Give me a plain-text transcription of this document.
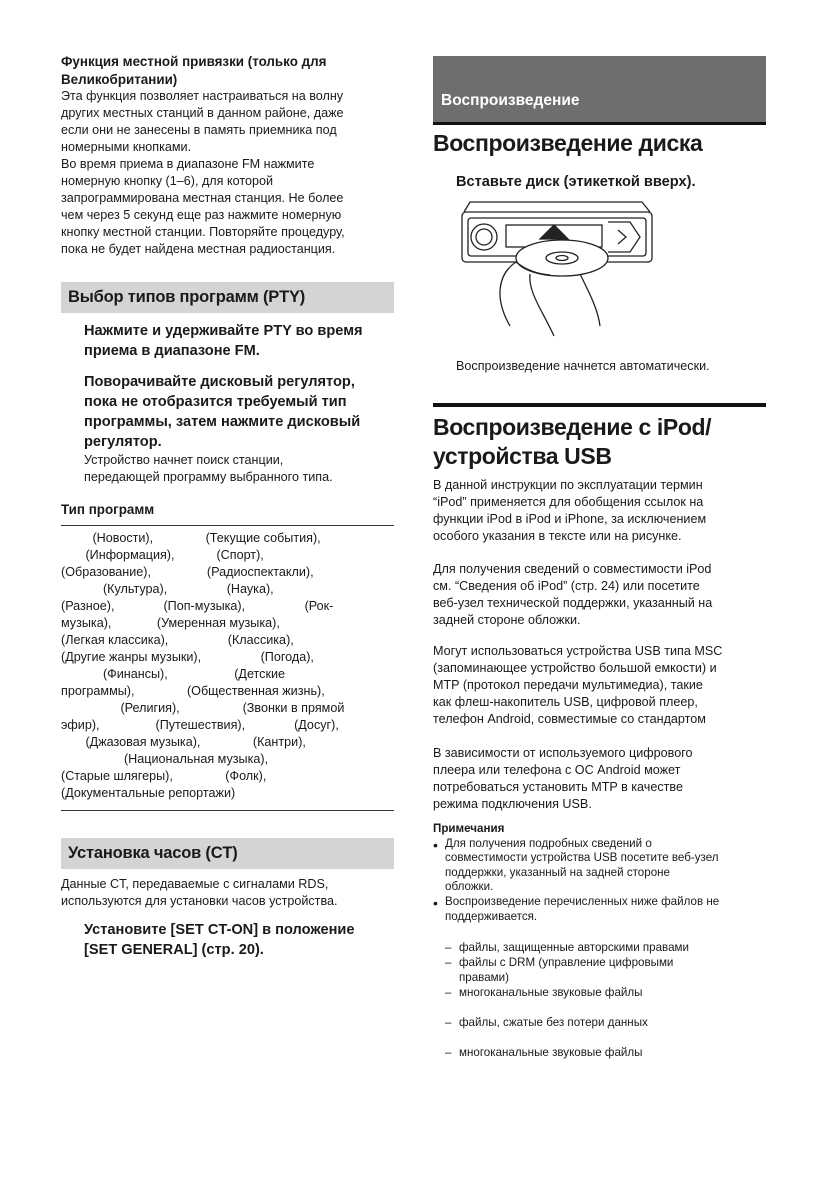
Функция местной привязки (только для

Великобритании)

Эта функция позволяет настраиваться на волну

других местных станций в данном районе, даже

если они не занесены в память приемника под

номерными кнопками.

Во время приема в диапазоне FM нажмите

номерную кнопку (1–6), для которой

запрограммирована местная станция. Не более

чем через 5 секунд еще раз нажмите номерную

кнопку местной станции. Повторяйте процедуру,

пока не будет найдена местная радиостанция.

Выбор типов программ (PTY)

Нажмите и удерживайте PTY во время

приема в диапазоне FM.

Поворачивайте дисковый регулятор,

пока не отобразится требуемый тип

программы, затем нажмите дисковый

регулятор.

Устройство начнет поиск станции,

передающей программу выбранного типа.

Тип программ

(Новости),               (Текущие события),

(Информация),            (Спорт),

(Образование),                (Радиоспектакли),

(Культура),                 (Наука),

(Разное),              (Поп-музыка),                 (Рок-

музыка),             (Умеренная музыка),

(Легкая классика),                 (Классика),

(Другие жанры музыки),                 (Погода),

(Финансы),                   (Детские

программы),               (Общественная жизнь),

(Религия),                  (Звонки в прямой

эфир),                (Путешествия),              (Досуг),

(Джазовая музыка),               (Кантри),

(Национальная музыка),

(Старые шлягеры),               (Фолк),

(Документальные репортажи)

Установка часов (CT)

Данные CT, передаваемые с сигналами RDS,

используются для установки часов устройства.

Установите [SET CT-ON] в положение

[SET GENERAL] (стр. 20).

Воспроизведение
Воспроизведение диска

Вставьте диск (этикеткой вверх).

Воспроизведение начнется автоматически.

Воспроизведение с iPod/
устройства USB

В данной инструкции по эксплуатации термин

“iPod” применяется для обобщения ссылок на

функции iPod в iPod и iPhone, за исключением

особого указания в тексте или на рисунке.

Для получения сведений о совместимости iPod

см. “Сведения об iPod” (стр. 24) или посетите

веб-узел технической поддержки, указанный на

задней стороне обложки.

Могут использоваться устройства USB типа MSC

(запоминающее устройство большой емкости) и

MTP (протокол передачи мультимедиа), такие

как флеш-накопитель USB, цифровой плеер,

телефон Android, совместимые со стандартом

В зависимости от используемого цифрового

плеера или телефона с ОС Android может

потребоваться установить MTP в качестве

режима подключения USB.

Примечания

• Для получения подробных сведений о

совместимости устройства USB посетите веб-узел

поддержки, указанный на задней стороне

обложки.

• Воспроизведение перечисленных ниже файлов не

поддерживается.

– файлы, защищенные авторскими правами

– файлы с DRM (управление цифровыми

правами)

– многоканальные звуковые файлы

– файлы, сжатые без потери данных

– многоканальные звуковые файлы
